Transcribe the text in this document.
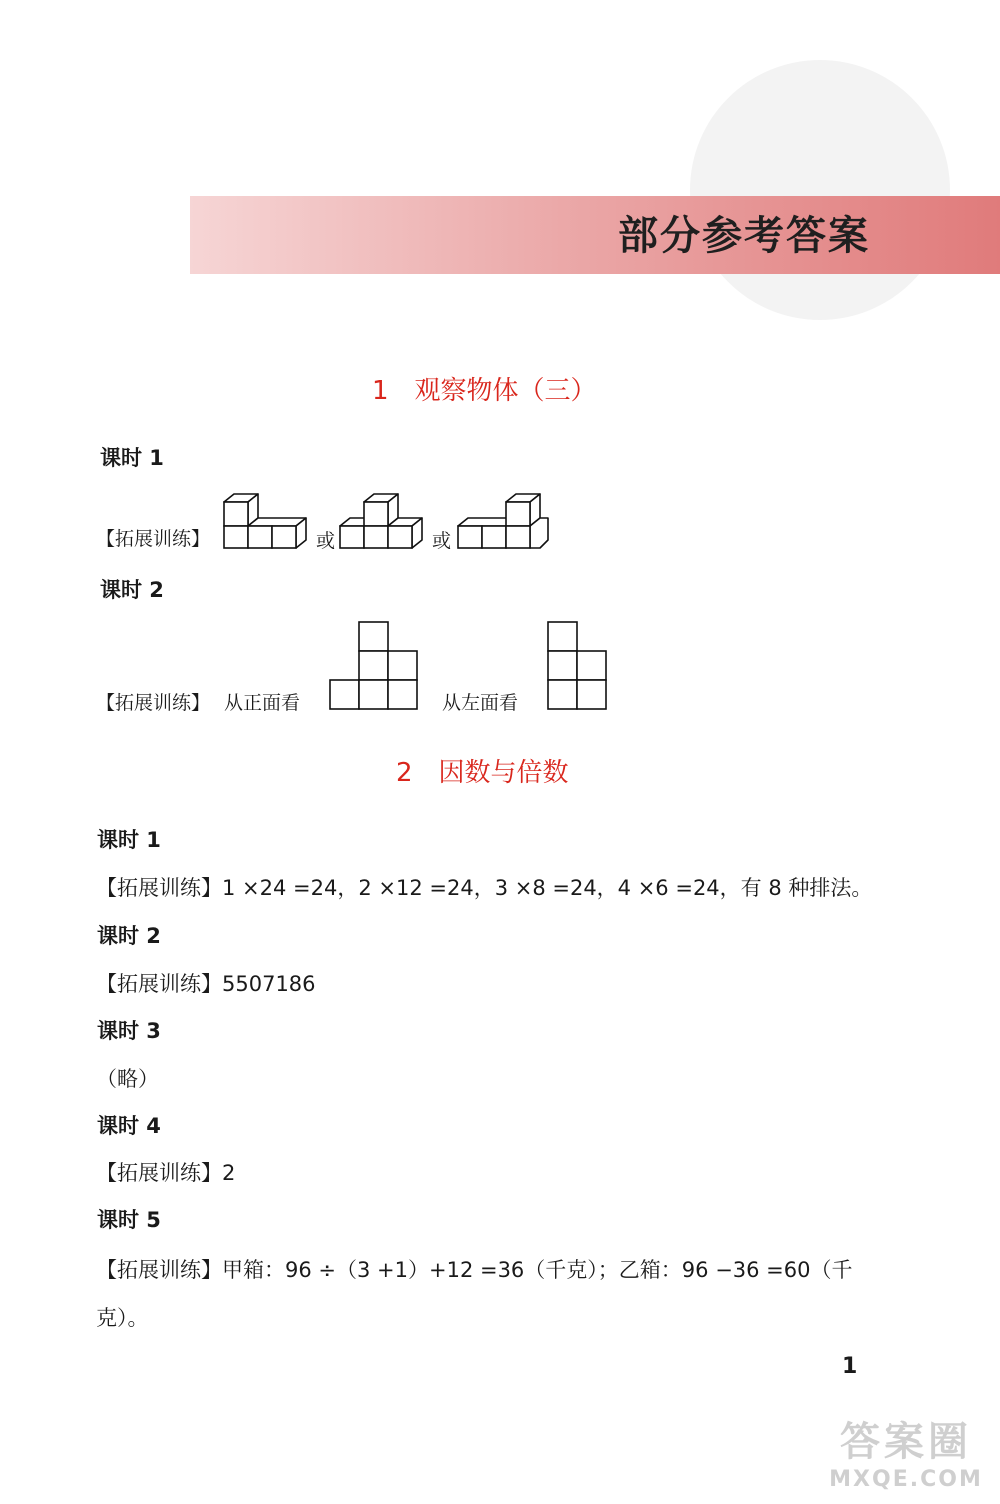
部分参考答案
1　观察物体（三）
课时 1
【拓展训练】	或	或
课时 2
【拓展训练】 从正面看	从左面看
2　因数与倍数
课时 1
【拓展训练】1 ×24 =24，2 ×12 =24，3 ×8 =24，4 ×6 =24，有 8 种排法。
课时 2
【拓展训练】5507186
课时 3
（略）
课时 4
【拓展训练】2
课时 5
【拓展训练】甲箱：96 ÷（3 +1）+12 =36（千克）；乙箱：96 −36 =60（千
克）。
1
答案圈
MXQE.COM
